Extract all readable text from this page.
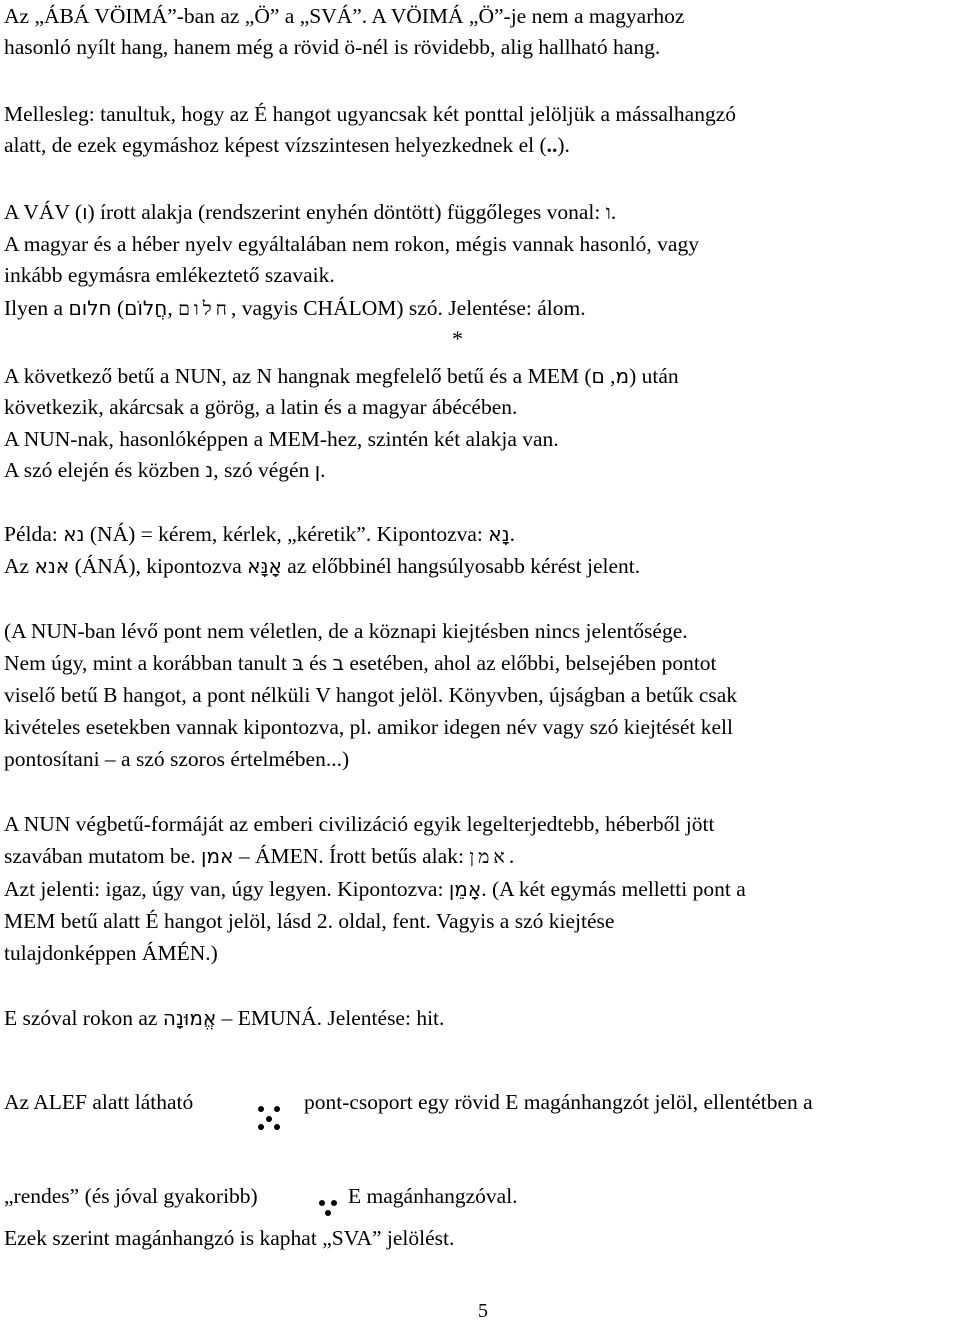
Az „ÁBÁ VÖIMÁ”-ban az „Ö” a „SVÁ”. A VÖIMÁ „Ö”-je nem a magyarhoz
hasonló nyílt hang, hanem még a rövid ö-nél is rövidebb, alig hallható hang.
Mellesleg: tanultuk, hogy az É hangot ugyancsak két ponttal jelöljük a mássalhangzó
alatt, de ezek egymáshoz képest vízszintesen helyezkednek el (..).
A VÁV (ו) írott alakja (rendszerint enyhén döntött) függőleges vonal: ו.
A magyar és a héber nyelv egyáltalában nem rokon, mégis vannak hasonló, vagy
inkább egymásra emlékeztető szavaik.
Ilyen a חלום (חֲלוֹם, חלום, vagyis CHÁLOM) szó. Jelentése: álom.
*
A következő betű a NUN, az N hangnak megfelelő betű és a MEM ( מ, ם ) után
következik, akárcsak a görög, a latin és a magyar ábécében.
A NUN-nak, hasonlóképpen a MEM-hez, szintén két alakja van.
A szó elején és közben נ, szó végén ן.
Példa: נא (NÁ) = kérem, kérlek, „kéretik”. Kipontozva: נָא.
Az אנא (ÁNÁ), kipontozva אָנָּא az előbbinél hangsúlyosabb kérést jelent.
(A NUN-ban lévő pont nem véletlen, de a köznapi kiejtésben nincs jelentősége.
Nem úgy, mint a korábban tanult בּ és ב esetében, ahol az előbbi, belsejében pontot
viselő betű B hangot, a pont nélküli V hangot jelöl. Könyvben, újságban a betűk csak
kivételes esetekben vannak kipontozva, pl. amikor idegen név vagy szó kiejtését kell
pontosítani – a szó szoros értelmében...)
A NUN végbetű-formáját az emberi civilizáció egyik legelterjedtebb, héberből jött
szavában mutatom be. אמן – ÁMEN. Írott betűs alak: אמן.
Azt jelenti: igaz, úgy van, úgy legyen. Kipontozva: אָמֵן. (A két egymás melletti pont a
MEM betű alatt É hangot jelöl, lásd 2. oldal, fent. Vagyis a szó kiejtése
tulajdonképpen ÁMÉN.)
E szóval rokon az אֱמוּנָה – EMUNÁ. Jelentése: hit.
Az ALEF alatt látható	pont-csoport egy rövid E magánhangzót jelöl, ellentétben a
„rendes” (és jóval gyakoribb)	E magánhangzóval.
Ezek szerint magánhangzó is kaphat „SVA” jelölést.
5
